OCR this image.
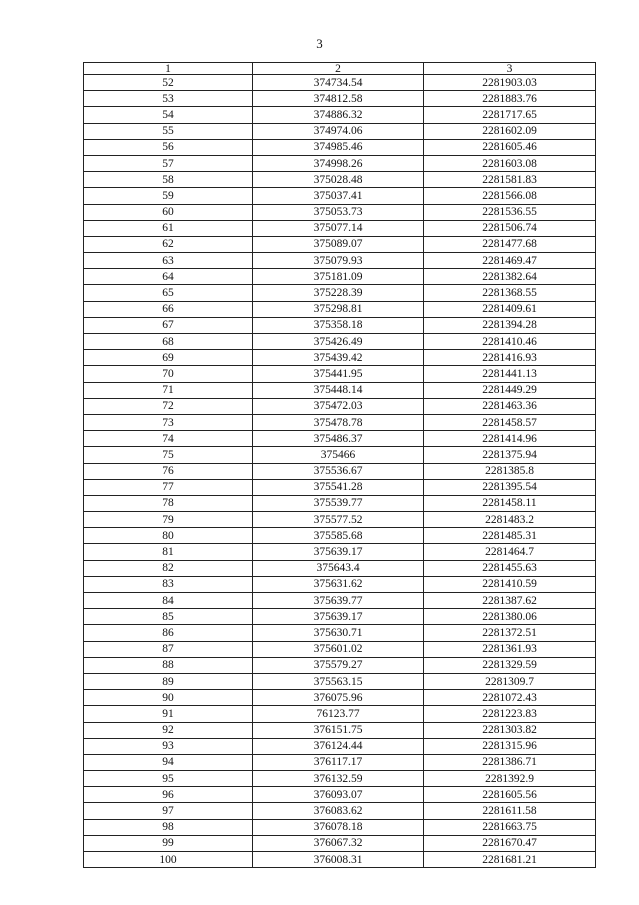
3
1	2	3
52	374734.54	2281903.03
53	374812.58	2281883.76
54	374886.32	2281717.65
55	374974.06	2281602.09
56	374985.46	2281605.46
57	374998.26	2281603.08
58	375028.48	2281581.83
59	375037.41	2281566.08
60	375053.73	2281536.55
61	375077.14	2281506.74
62	375089.07	2281477.68
63	375079.93	2281469.47
64	375181.09	2281382.64
65	375228.39	2281368.55
66	375298.81	2281409.61
67	375358.18	2281394.28
68	375426.49	2281410.46
69	375439.42	2281416.93
70	375441.95	2281441.13
71	375448.14	2281449.29
72	375472.03	2281463.36
73	375478.78	2281458.57
74	375486.37	2281414.96
75	375466	2281375.94
76	375536.67	2281385.8
77	375541.28	2281395.54
78	375539.77	2281458.11
79	375577.52	2281483.2
80	375585.68	2281485.31
81	375639.17	2281464.7
82	375643.4	2281455.63
83	375631.62	2281410.59
84	375639.77	2281387.62
85	375639.17	2281380.06
86	375630.71	2281372.51
87	375601.02	2281361.93
88	375579.27	2281329.59
89	375563.15	2281309.7
90	376075.96	2281072.43
91	76123.77	2281223.83
92	376151.75	2281303.82
93	376124.44	2281315.96
94	376117.17	2281386.71
95	376132.59	2281392.9
96	376093.07	2281605.56
97	376083.62	2281611.58
98	376078.18	2281663.75
99	376067.32	2281670.47
100	376008.31	2281681.21
